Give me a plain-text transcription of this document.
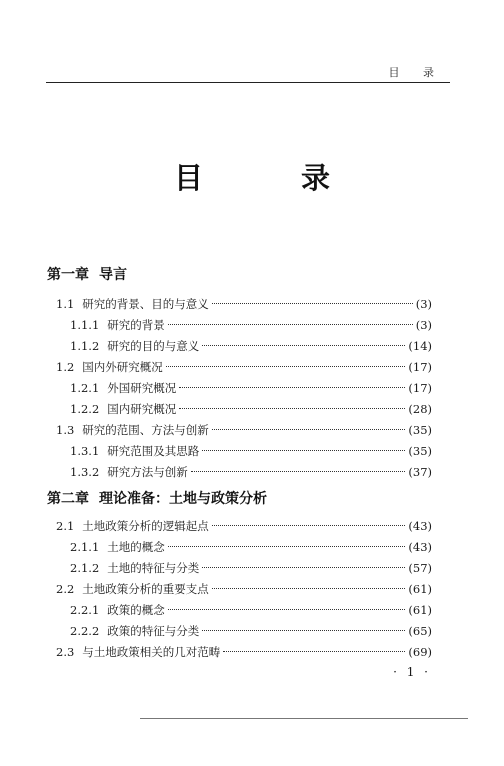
目 录
目 录
第一章 导言
1.1 研究的背景、目的与意义	(3)
1.1.1 研究的背景	(3)
1.1.2 研究的目的与意义	(14)
1.2 国内外研究概况	(17)
1.2.1 外国研究概况	(17)
1.2.2 国内研究概况	(28)
1.3 研究的范围、方法与创新	(35)
1.3.1 研究范围及其思路	(35)
1.3.2 研究方法与创新	(37)
第二章 理论准备：土地与政策分析
2.1 土地政策分析的逻辑起点	(43)
2.1.1 土地的概念	(43)
2.1.2 土地的特征与分类	(57)
2.2 土地政策分析的重要支点	(61)
2.2.1 政策的概念	(61)
2.2.2 政策的特征与分类	(65)
2.3 与土地政策相关的几对范畴	(69)
· 1 ·
